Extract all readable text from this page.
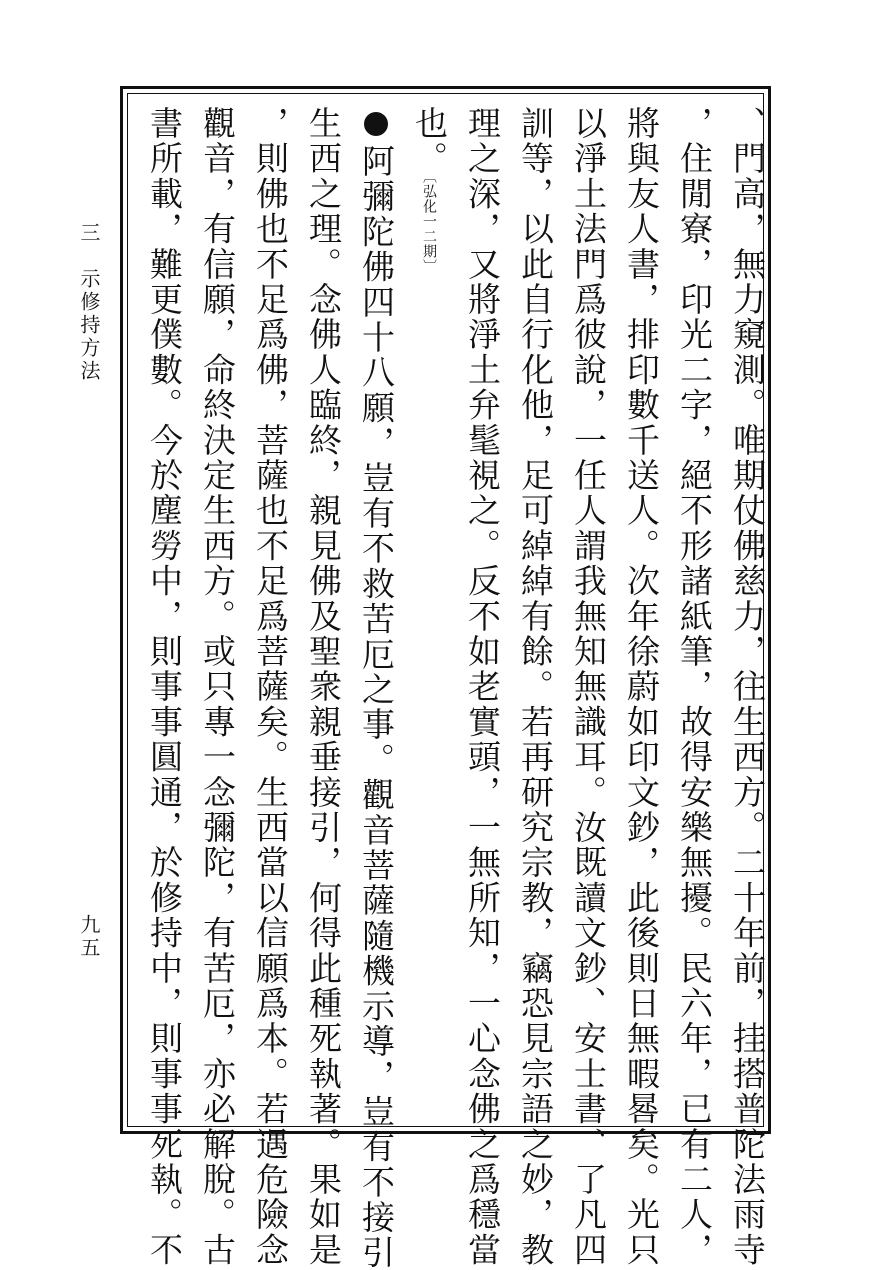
三　示修持方法
九五	、門高，無力窺測。唯期仗佛慈力，往生西方。二十年前，挂搭普陀法雨寺
，住閒寮，印光二字，絕不形諸紙筆，故得安樂無擾。民六年，已有二人，
將與友人書，排印數千送人。次年徐蔚如印文鈔，此後則日無暇晷矣。光只
以淨土法門爲彼說，一任人謂我無知無識耳。汝既讀文鈔、安士書、了凡四
訓等，以此自行化他，足可綽綽有餘。若再研究宗教，竊恐見宗語之妙，教
理之深，又將淨土弁髦視之。反不如老實頭，一無所知，一心念佛之爲穩當
也。〔弘化一二期〕
阿彌陀佛四十八願，豈有不救苦厄之事。觀音菩薩隨機示導，豈有不接引
生西之理。念佛人臨終，親見佛及聖衆親垂接引，何得此種死執著。果如是
，則佛也不足爲佛，菩薩也不足爲菩薩矣。生西當以信願爲本。若遇危險念
觀音，有信願，命終決定生西方。或只專一念彌陀，有苦厄，亦必解脫。古
書所載，難更僕數。今於塵勞中，則事事圓通，於修持中，則事事死執。不
